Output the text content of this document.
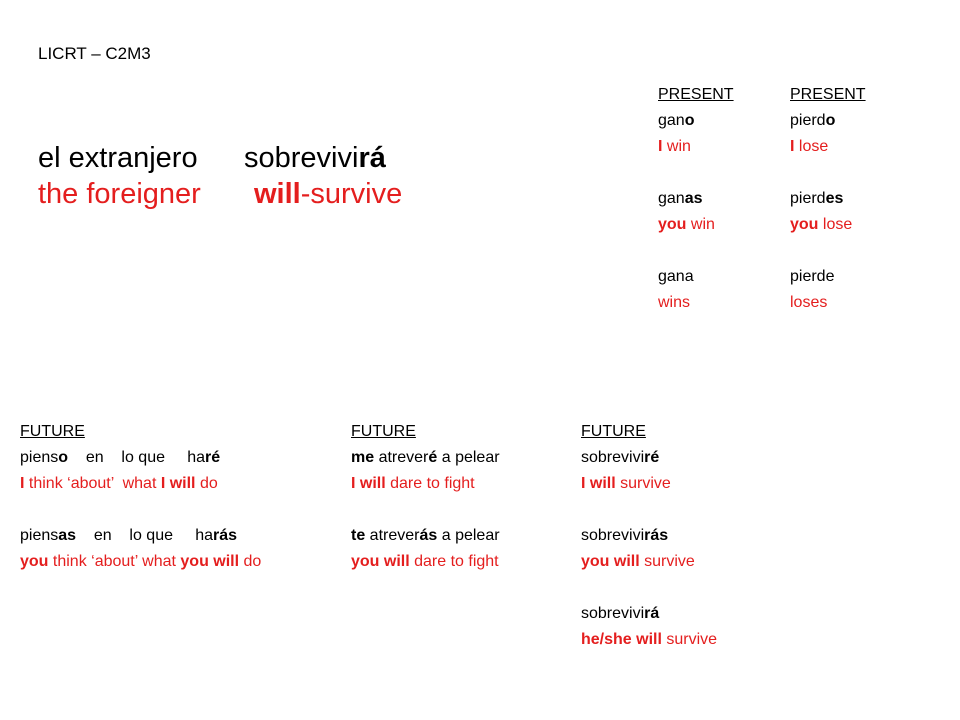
LICRT – C2M3
el extranjero sobrevivirá
the foreigner will-survive
PRESENT
gano
I win
ganas
you win
gana
wins
PRESENT
pierdo
I lose
pierdes
you lose
pierde
loses
FUTURE
pienso    en    lo que     haré
I think ‘about’  what I will do
piensas    en    lo que     harás
you think ‘about’ what you will do
FUTURE
me atreveré a pelear
I will dare to fight
te atreverás a pelear
you will dare to fight
FUTURE
sobreviviré
I will survive
sobrevivirás
you will survive
sobrevivirá
he/she will survive
